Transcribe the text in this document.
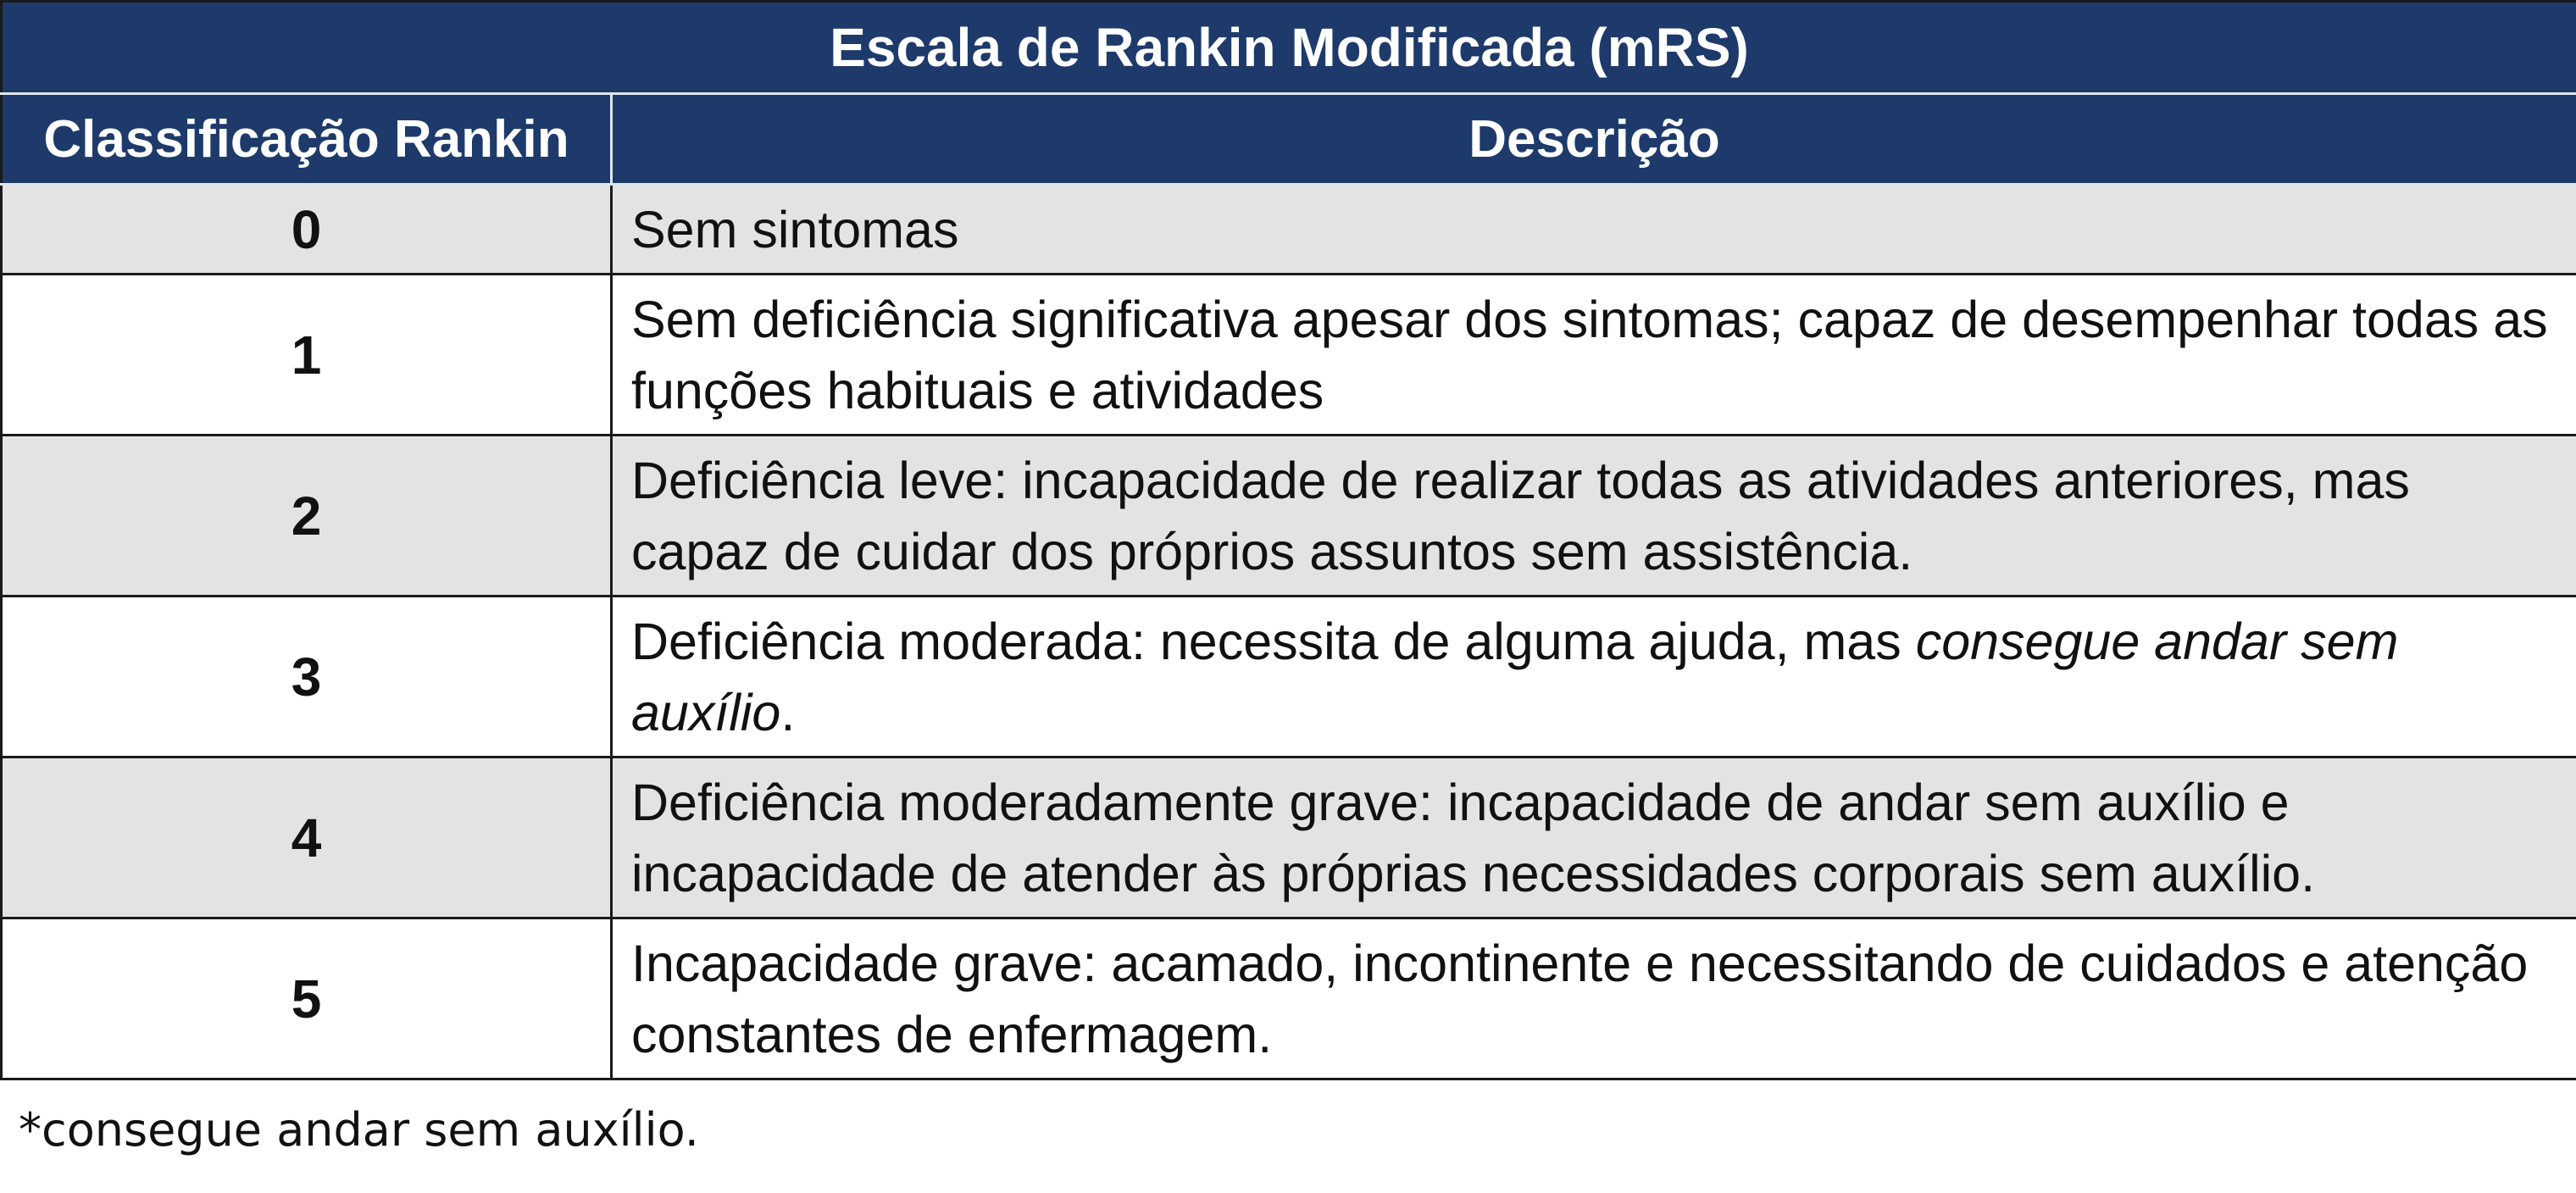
Escala de Rankin Modificada (mRS)	
Classificação Rankin	Descrição
0	Sem sintomas
1	Sem deficiência significativa apesar dos sintomas; capaz de desempenhar todas as funções habituais e atividades
2	Deficiência leve: incapacidade de realizar todas as atividades anteriores, mas capaz de cuidar dos próprios assuntos sem assistência.
3	Deficiência moderada: necessita de alguma ajuda, mas consegue andar sem auxílio.
4	Deficiência moderadamente grave: incapacidade de andar sem auxílio e incapacidade de atender às próprias necessidades corporais sem auxílio.
5	Incapacidade grave: acamado, incontinente e necessitando de cuidados e atenção constantes de enfermagem.
*consegue andar sem auxílio.
